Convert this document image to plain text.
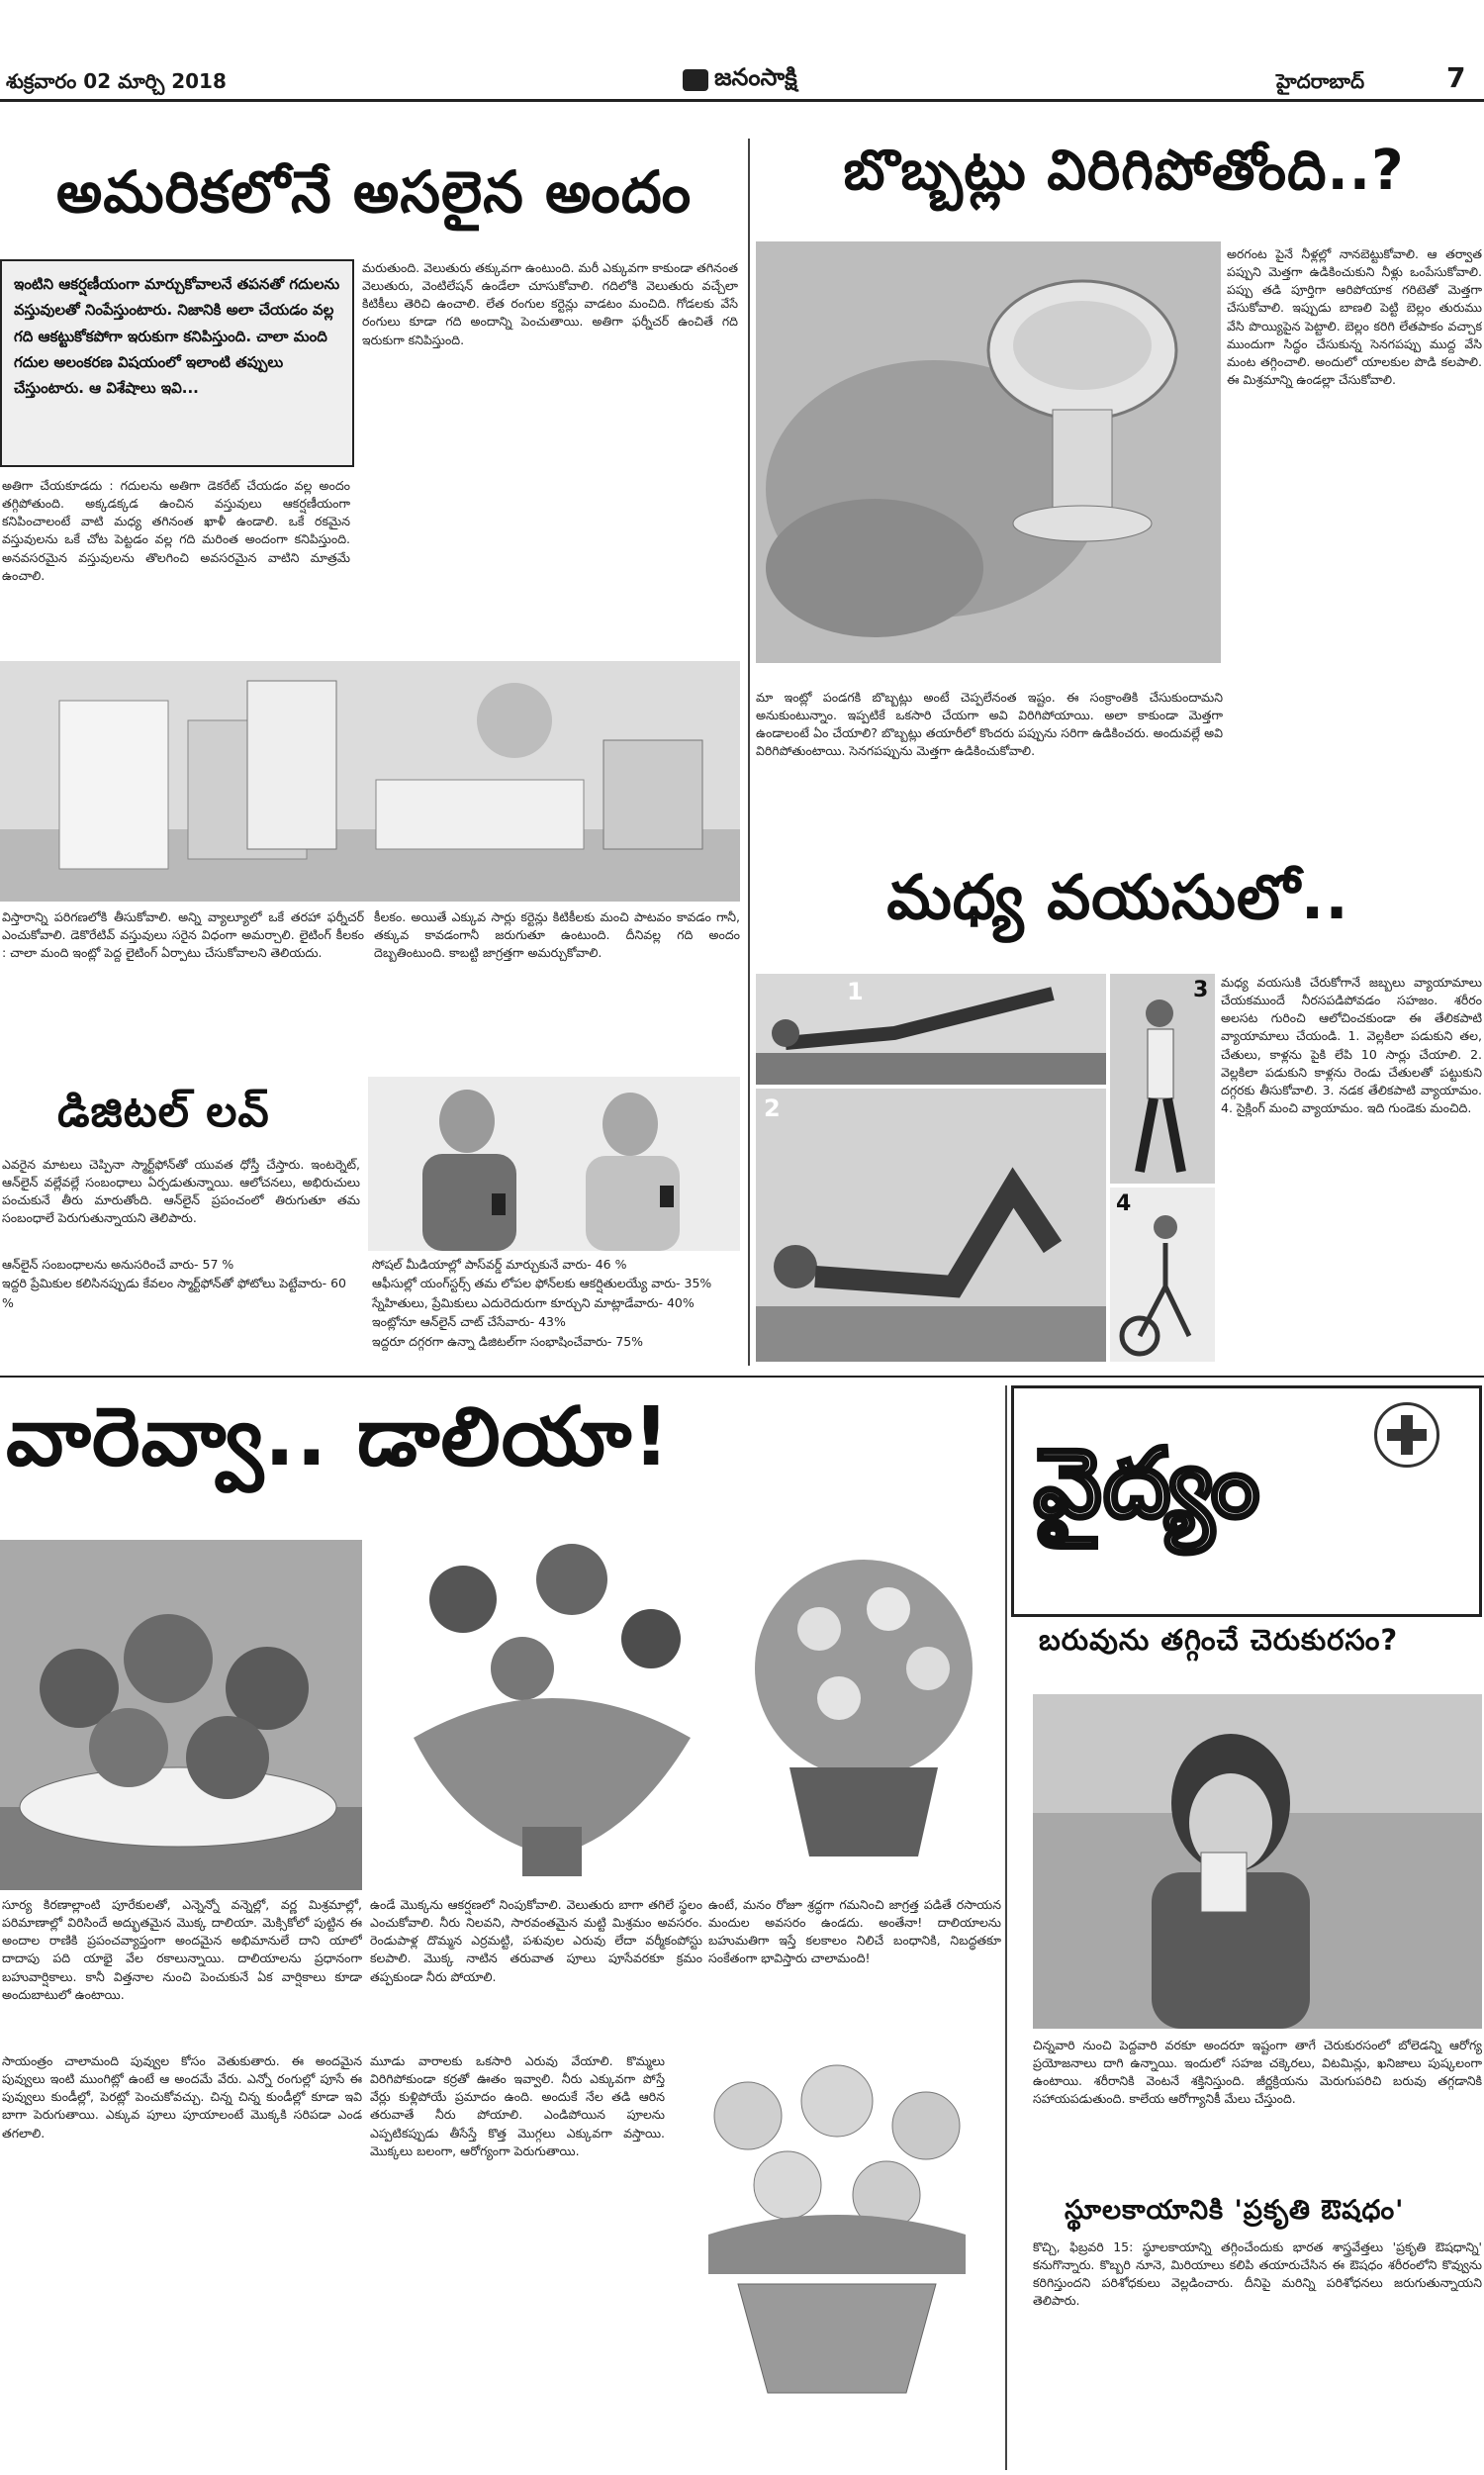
శుక్రవారం 02 మార్చి 2018	జనంసాక్షి	హైదరాబాద్	7
అమరికలోనే అసలైన అందం
ఇంటిని ఆకర్షణీయంగా మార్చుకోవాలనే తపనతో గదులను వస్తువులతో నింపేస్తుంటారు. నిజానికి అలా చేయడం వల్ల గది ఆకట్టుకోకపోగా ఇరుకుగా కనిపిస్తుంది. చాలా మంది గదుల అలంకరణ విషయంలో ఇలాంటి తప్పులు చేస్తుంటారు. ఆ విశేషాలు ఇవి...
అతిగా చేయకూడదు : గదులను అతిగా డెకరేట్ చేయడం వల్ల అందం తగ్గిపోతుంది. అక్కడక్కడ ఉంచిన వస్తువులు ఆకర్షణీయంగా కనిపించాలంటే వాటి మధ్య తగినంత ఖాళీ ఉండాలి. ఒకే రకమైన వస్తువులను ఒకే చోట పెట్టడం వల్ల గది మరింత అందంగా కనిపిస్తుంది. అనవసరమైన వస్తువులను తొలగించి అవసరమైన వాటిని మాత్రమే ఉంచాలి.
మరుతుంది. వెలుతురు తక్కువగా ఉంటుంది. మరీ ఎక్కువగా కాకుండా తగినంత వెలుతురు, వెంటిలేషన్ ఉండేలా చూసుకోవాలి. గదిలోకి వెలుతురు వచ్చేలా కిటికీలు తెరిచి ఉంచాలి. లేత రంగుల కర్టెన్లు వాడటం మంచిది. గోడలకు వేసే రంగులు కూడా గది అందాన్ని పెంచుతాయి. అతిగా ఫర్నీచర్ ఉంచితే గది ఇరుకుగా కనిపిస్తుంది.
విస్తారాన్ని పరిగణలోకి తీసుకోవాలి. అన్ని వ్యాల్యూలో ఒకే తరహా ఫర్నీచర్ ఎంచుకోవాలి. డెకొరేటివ్ వస్తువులు సరైన విధంగా అమర్చాలి. లైటింగ్ కీలకం : చాలా మంది ఇంట్లో పెద్ద లైటింగ్ ఏర్పాటు చేసుకోవాలని తెలియదు.
కీలకం. అయితే ఎక్కువ సార్లు కర్టెన్లు కిటికీలకు మంచి పాటవం కావడం గానీ, తక్కువ కావడంగానీ జరుగుతూ ఉంటుంది. దీనివల్ల గది అందం దెబ్బతింటుంది. కాబట్టి జాగ్రత్తగా అమర్చుకోవాలి.
డిజిటల్ లవ్
ఎవరైన మాటలు చెప్పినా స్మార్ట్‌ఫోన్‌తో యువత ధోస్తీ చేస్తారు. ఇంటర్నెట్, ఆన్‌లైన్ వల్లేవల్లే సంబంధాలు ఏర్పడుతున్నాయి. ఆలోచనలు, అభిరుచులు పంచుకునే తీరు మారుతోంది. ఆన్‌లైన్ ప్రపంచంలో తిరుగుతూ తమ సంబంధాలే పెరుగుతున్నాయని తెలిపారు.
ఆన్‌లైన్ సంబంధాలను అనుసరించే వారు- 57 %
ఇద్దరి ప్రేమికుల కలిసినప్పుడు కేవలం స్మార్ట్‌ఫోన్‌తో ఫోటోలు పెట్టేవారు- 60 %
సోషల్ మీడియాల్లో పాస్‌వర్డ్ మార్చుకునే వారు- 46 %
ఆఫీసుల్లో యంగ్‌స్టర్స్ తమ లోపల ఫోన్‌లకు ఆకర్షితులయ్యే వారు- 35%
స్నేహితులు, ప్రేమికులు ఎదురెదురుగా కూర్చుని మాట్లాడేవారు- 40%
ఇంట్లోనూ ఆన్‌లైన్ చాట్ చేసేవారు- 43%
ఇద్దరూ దగ్గరగా ఉన్నా డిజిటల్‌గా సంభాషించేవారు- 75%
బొబ్బట్లు విరిగిపోతోంది..?
అరగంట పైనే నీళ్లల్లో నానబెట్టుకోవాలి. ఆ తర్వాత పప్పుని మెత్తగా ఉడికించుకుని నీళ్లు ఒంపేసుకోవాలి. పప్పు తడి పూర్తిగా ఆరిపోయాక గరిటెతో మెత్తగా చేసుకోవాలి. ఇప్పుడు బాణలి పెట్టి బెల్లం తురుము వేసి పొయ్యిపైన పెట్టాలి. బెల్లం కరిగి లేతపాకం వచ్చాక ముందుగా సిద్ధం చేసుకున్న సెనగపప్పు ముద్ద వేసి మంట తగ్గించాలి. అందులో యాలకుల పొడి కలపాలి. ఈ మిశ్రమాన్ని ఉండల్లా చేసుకోవాలి.
మా ఇంట్లో పండగకి బొబ్బట్లు అంటే చెప్పలేనంత ఇష్టం. ఈ సంక్రాంతికి చేసుకుందామని అనుకుంటున్నాం. ఇప్పటికే ఒకసారి చేయగా అవి విరిగిపోయాయి. అలా కాకుండా మెత్తగా ఉండాలంటే ఏం చేయాలి? బొబ్బట్లు తయారీలో కొందరు పప్పును సరిగా ఉడికించరు. అందువల్లే అవి విరిగిపోతుంటాయి. సెనగపప్పును మెత్తగా ఉడికించుకోవాలి.
మధ్య వయసులో..
1
2
3
4
మధ్య వయసుకి చేరుకోగానే జబ్బలు వ్యాయామాలు చేయకముందే నీరసపడిపోవడం సహజం. శరీరం అలసట గురించి ఆలోచించకుండా ఈ తేలికపాటి వ్యాయామాలు చేయండి. 1. వెల్లకిలా పడుకుని తల, చేతులు, కాళ్లను పైకి లేపి 10 సార్లు చేయాలి. 2. వెల్లకిలా పడుకుని కాళ్లను రెండు చేతులతో పట్టుకుని దగ్గరకు తీసుకోవాలి. 3. నడక తేలికపాటి వ్యాయామం. 4. సైక్లింగ్ మంచి వ్యాయామం. ఇది గుండెకు మంచిది.
వారెవ్వా.. డాలియా!
సూర్య కిరణాల్లాంటి పూరేకులతో, ఎన్నెన్నో వన్నెల్లో, వర్ణ మిశ్రమాల్లో, పరిమాణాల్లో విరిసిందే అద్భుతమైన మొక్క దాలియా. మెక్సికోలో పుట్టిన ఈ అందాల రాణికి ప్రపంచవ్యాప్తంగా అందమైన అభిమానులే దాని యాలో దాదాపు పది యాభై వేల రకాలున్నాయి. దాలియాలను ప్రధానంగా బహువార్షికాలు. కానీ విత్తనాల నుంచి పెంచుకునే ఏక వార్షికాలు కూడా అందుబాటులో ఉంటాయి.
ఉండే మొక్కను ఆకర్షణలో నింపుకోవాలి. వెలుతురు బాగా తగిలే స్థలం ఎంచుకోవాలి. నీరు నిలవని, సారవంతమైన మట్టి మిశ్రమం అవసరం. రెండుపాళ్ల దొమ్మన ఎర్రమట్టి, పశువుల ఎరువు లేదా వర్మీకంపోస్టు కలపాలి. మొక్క నాటిన తరువాత పూలు పూసేవరకూ క్రమం తప్పకుండా నీరు పోయాలి.
ఉంటే, మనం రోజూ శ్రద్ధగా గమనించి జాగ్రత్త పడితే రసాయన మందుల అవసరం ఉండదు. అంతేనా! దాలియాలను బహుమతిగా ఇస్తే కలకాలం నిలిచే బంధానికి, నిబద్ధతకూ సంకేతంగా భావిస్తారు చాలామంది!
సాయంత్రం చాలామంది పువ్వుల కోసం వెతుకుతారు. ఈ అందమైన పువ్వులు ఇంటి ముంగిట్లో ఉంటే ఆ అందమే వేరు. ఎన్నో రంగుల్లో పూసే ఈ పువ్వులు కుండీల్లో, పెరట్లో పెంచుకోవచ్చు. చిన్న చిన్న కుండీల్లో కూడా ఇవి బాగా పెరుగుతాయి. ఎక్కువ పూలు పూయాలంటే మొక్కకి సరిపడా ఎండ తగలాలి.
మూడు వారాలకు ఒకసారి ఎరువు వేయాలి. కొమ్మలు విరిగిపోకుండా కర్రతో ఊతం ఇవ్వాలి. నీరు ఎక్కువగా పోస్తే వేర్లు కుళ్లిపోయే ప్రమాదం ఉంది. అందుకే నేల తడి ఆరిన తరువాతే నీరు పోయాలి. ఎండిపోయిన పూలను ఎప్పటికప్పుడు తీసేస్తే కొత్త మొగ్గలు ఎక్కువగా వస్తాయి. మొక్కలు బలంగా, ఆరోగ్యంగా పెరుగుతాయి.
వైద్యం
బరువును తగ్గించే చెరుకురసం?
చిన్నవారి నుంచి పెద్దవారి వరకూ అందరూ ఇష్టంగా తాగే చెరుకురసంలో బోలెడన్ని ఆరోగ్య ప్రయోజనాలు దాగి ఉన్నాయి. ఇందులో సహజ చక్కెరలు, విటమిన్లు, ఖనిజాలు పుష్కలంగా ఉంటాయి. శరీరానికి వెంటనే శక్తినిస్తుంది. జీర్ణక్రియను మెరుగుపరిచి బరువు తగ్గడానికి సహాయపడుతుంది. కాలేయ ఆరోగ్యానికీ మేలు చేస్తుంది.
స్థూలకాయానికి 'ప్రకృతి ఔషధం'
కొచ్చి, ఫిబ్రవరి 15: స్థూలకాయాన్ని తగ్గించేందుకు భారత శాస్త్రవేత్తలు 'ప్రకృతి ఔషధాన్ని' కనుగొన్నారు. కొబ్బరి నూనె, మిరియాలు కలిపి తయారుచేసిన ఈ ఔషధం శరీరంలోని కొవ్వును కరిగిస్తుందని పరిశోధకులు వెల్లడించారు. దీనిపై మరిన్ని పరిశోధనలు జరుగుతున్నాయని తెలిపారు.
